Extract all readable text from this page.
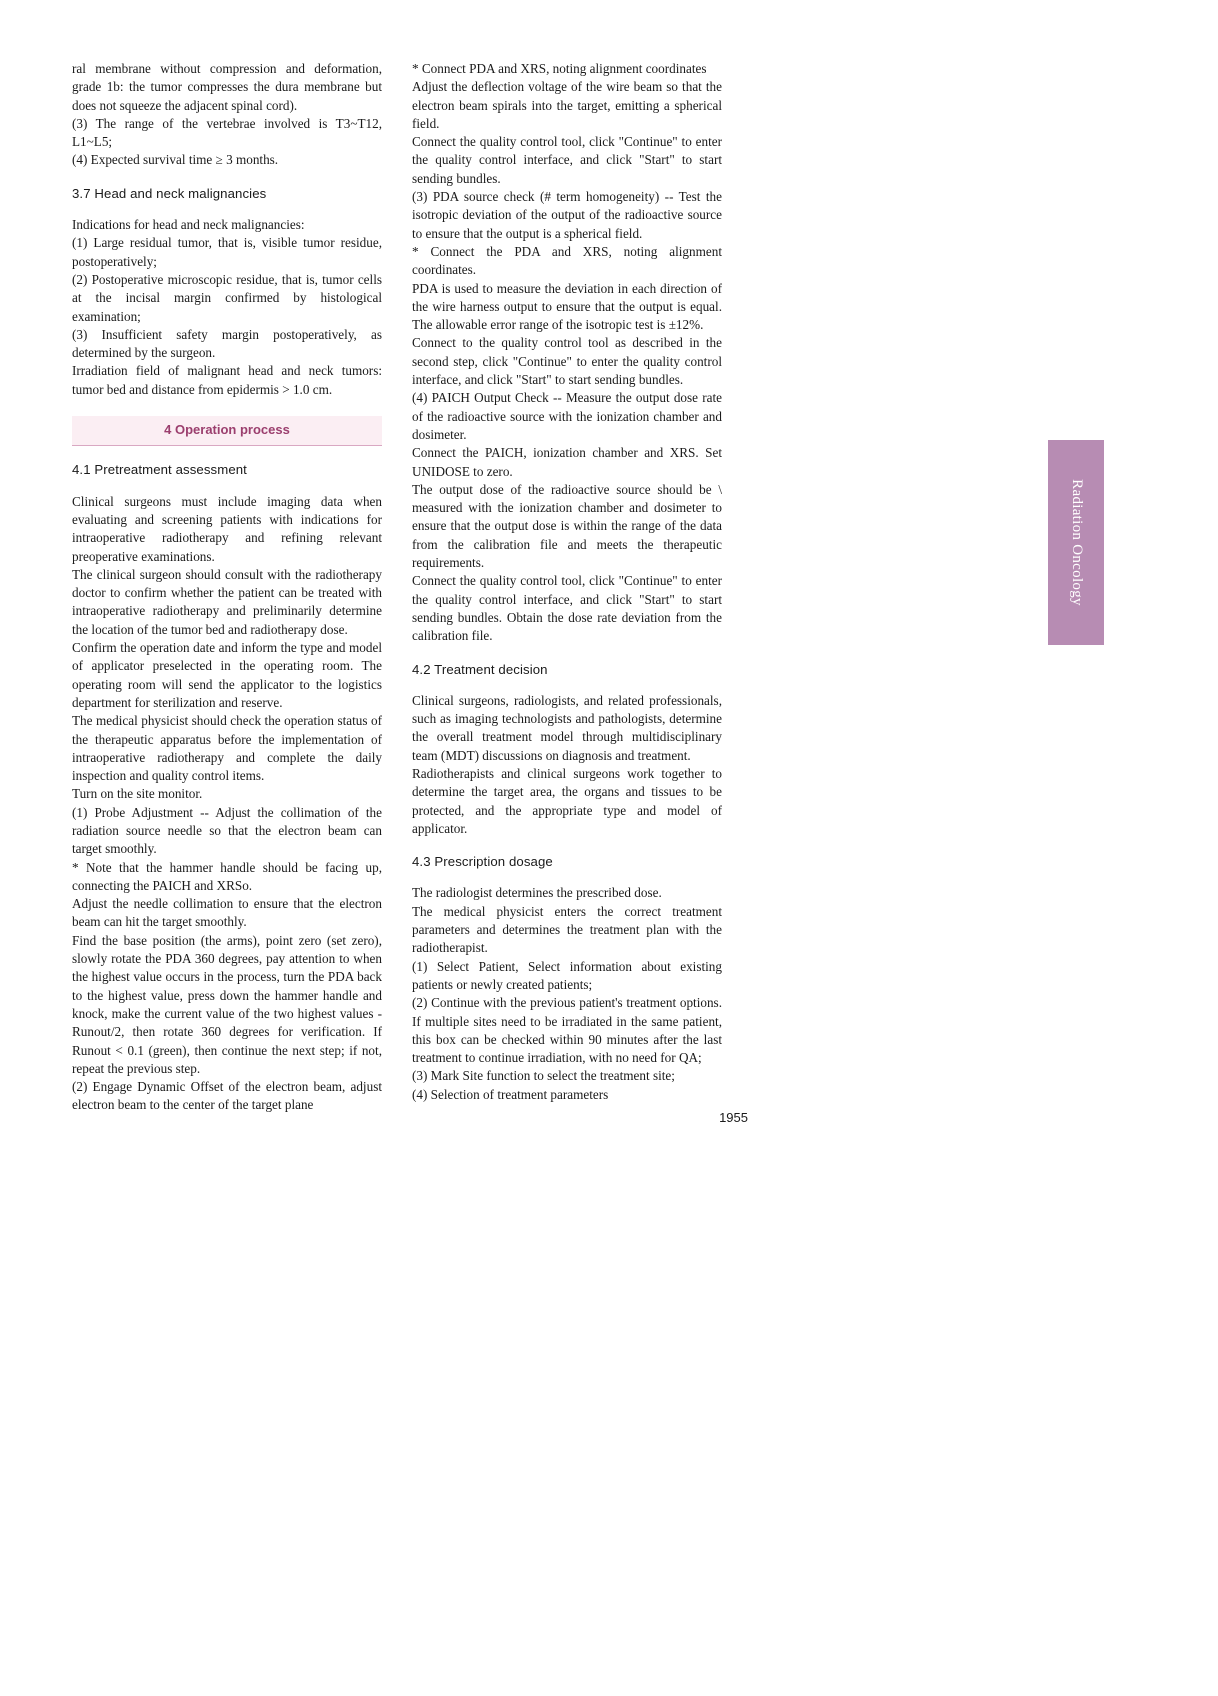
ral membrane without compression and deformation, grade 1b: the tumor compresses the dura membrane but does not squeeze the adjacent spinal cord).

(3) The range of the vertebrae involved is T3~T12, L1~L5;

(4) Expected survival time ≥ 3 months.

3.7 Head and neck malignancies

Indications for head and neck malignancies:

(1) Large residual tumor, that is, visible tumor residue, postoperatively;

(2) Postoperative microscopic residue, that is, tumor cells at the incisal margin confirmed by histological examination;

(3) Insufficient safety margin postoperatively, as determined by the surgeon.

Irradiation field of malignant head and neck tumors: tumor bed and distance from epidermis > 1.0 cm.

4 Operation process
4.1 Pretreatment assessment

Clinical surgeons must include imaging data when evaluating and screening patients with indications for intraoperative radiotherapy and refining relevant preoperative examinations.

The clinical surgeon should consult with the radiotherapy doctor to confirm whether the patient can be treated with intraoperative radiotherapy and preliminarily determine the location of the tumor bed and radiotherapy dose.

Confirm the operation date and inform the type and model of applicator preselected in the operating room. The operating room will send the applicator to the logistics department for sterilization and reserve.

The medical physicist should check the operation status of the therapeutic apparatus before the implementation of intraoperative radiotherapy and complete the daily inspection and quality control items.

Turn on the site monitor.

(1) Probe Adjustment -- Adjust the collimation of the radiation source needle so that the electron beam can target smoothly.

* Note that the hammer handle should be facing up, connecting the PAICH and XRSo.

Adjust the needle collimation to ensure that the electron beam can hit the target smoothly.

Find the base position (the arms), point zero (set zero), slowly rotate the PDA 360 degrees, pay attention to when the highest value occurs in the process, turn the PDA back to the highest value, press down the hammer handle and knock, make the current value of the two highest values -Runout/2, then rotate 360 degrees for verification. If Runout < 0.1 (green), then continue the next step; if not, repeat the previous step.

(2) Engage Dynamic Offset of the electron beam, adjust electron beam to the center of the target plane

* Connect PDA and XRS, noting alignment coordinates

Adjust the deflection voltage of the wire beam so that the electron beam spirals into the target, emitting a spherical field.

Connect the quality control tool, click "Continue" to enter the quality control interface, and click "Start" to start sending bundles.

(3) PDA source check (# term homogeneity) -- Test the isotropic deviation of the output of the radioactive source to ensure that the output is a spherical field.

* Connect the PDA and XRS, noting alignment coordinates.

PDA is used to measure the deviation in each direction of the wire harness output to ensure that the output is equal. The allowable error range of the isotropic test is ±12%.

Connect to the quality control tool as described in the second step, click "Continue" to enter the quality control interface, and click "Start" to start sending bundles.

(4) PAICH Output Check -- Measure the output dose rate of the radioactive source with the ionization chamber and dosimeter.

Connect the PAICH, ionization chamber and XRS. Set UNIDOSE to zero.

The output dose of the radioactive source should be \ measured with the ionization chamber and dosimeter to ensure that the output dose is within the range of the data from the calibration file and meets the therapeutic requirements.

Connect the quality control tool, click "Continue" to enter the quality control interface, and click "Start" to start sending bundles. Obtain the dose rate deviation from the calibration file.

4.2 Treatment decision

Clinical surgeons, radiologists, and related professionals, such as imaging technologists and pathologists, determine the overall treatment model through multidisciplinary team (MDT) discussions on diagnosis and treatment.

Radiotherapists and clinical surgeons work together to determine the target area, the organs and tissues to be protected, and the appropriate type and model of applicator.

4.3 Prescription dosage

The radiologist determines the prescribed dose.

The medical physicist enters the correct treatment parameters and determines the treatment plan with the radiotherapist.

(1) Select Patient, Select information about existing patients or newly created patients;

(2) Continue with the previous patient's treatment options. If multiple sites need to be irradiated in the same patient, this box can be checked within 90 minutes after the last treatment to continue irradiation, with no need for QA;

(3) Mark Site function to select the treatment site;

(4) Selection of treatment parameters

Radiation Oncology
1955
